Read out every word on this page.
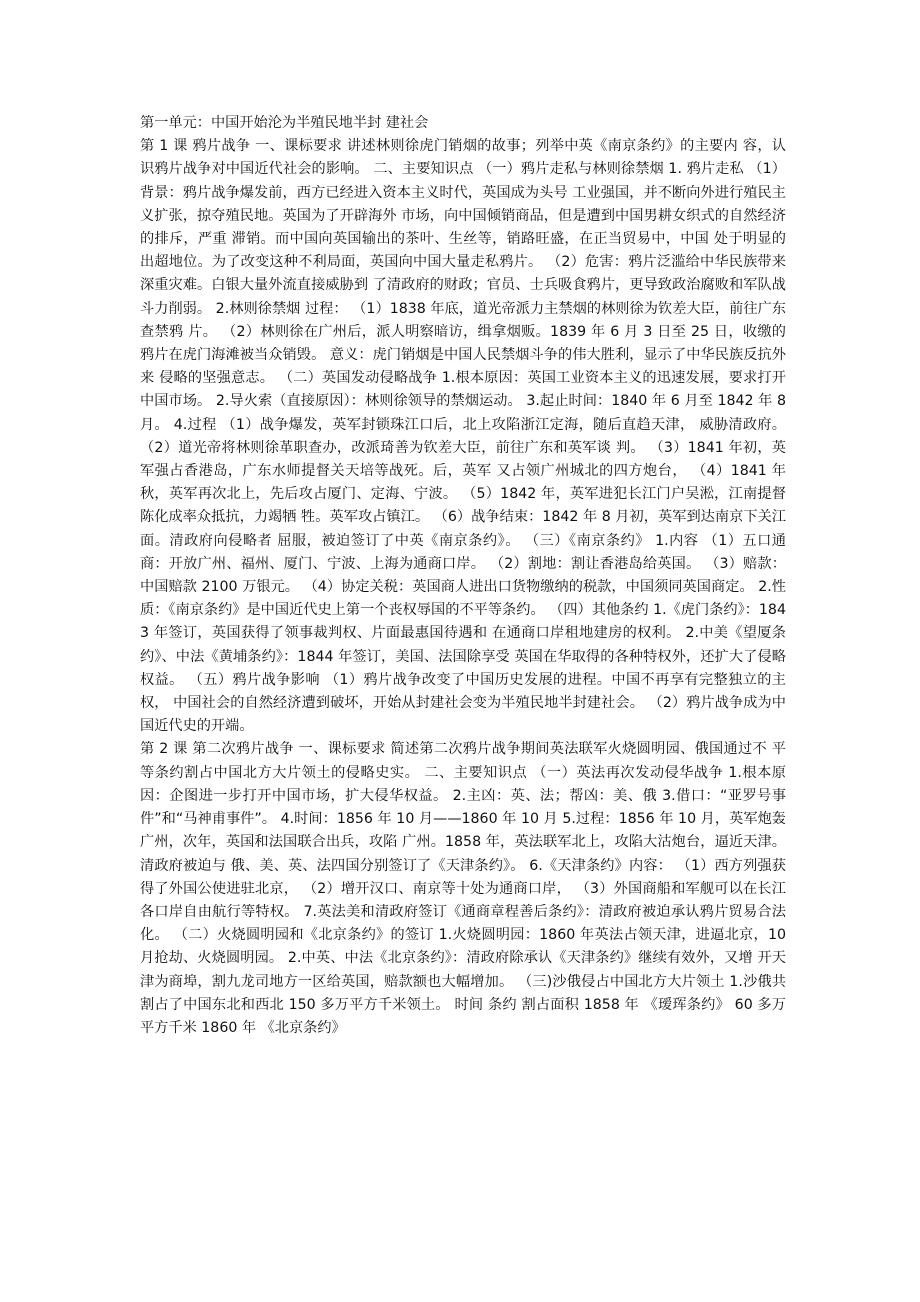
第一单元：中国开始沦为半殖民地半封 建社会

第 1 课 鸦片战争 一、课标要求 讲述林则徐虎门销烟的故事；列举中英《南京条约》的主要内 容，认识鸦片战争对中国近代社会的影响。 二、主要知识点 （一）鸦片走私与林则徐禁烟 1. 鸦片走私 （1）背景：鸦片战争爆发前，西方已经进入资本主义时代，英国成为头号 工业强国，并不断向外进行殖民主义扩张，掠夺殖民地。英国为了开辟海外 市场，向中国倾销商品，但是遭到中国男耕女织式的自然经济的排斥，严重 滞销。而中国向英国输出的茶叶、生丝等，销路旺盛，在正当贸易中，中国 处于明显的出超地位。为了改变这种不利局面，英国向中国大量走私鸦片。 （2）危害：鸦片泛滥给中华民族带来深重灾难。白银大量外流直接威胁到 了清政府的财政；官员、士兵吸食鸦片，更导致政治腐败和军队战斗力削弱。 2.林则徐禁烟 过程： （1）1838 年底，道光帝派力主禁烟的林则徐为钦差大臣，前往广东查禁鸦 片。 （2）林则徐在广州后，派人明察暗访，缉拿烟贩。1839 年 6 月 3 日至 25 日，收缴的鸦片在虎门海滩被当众销毁。 意义：虎门销烟是中国人民禁烟斗争的伟大胜利，显示了中华民族反抗外来 侵略的坚强意志。 （二）英国发动侵略战争 1.根本原因：英国工业资本主义的迅速发展，要求打开中国市场。 2.导火索（直接原因）：林则徐领导的禁烟运动。 3.起止时间：1840 年 6 月至 1842 年 8 月。 4.过程 （1）战争爆发，英军封锁珠江口后，北上攻陷浙江定海，随后直趋天津， 威胁清政府。 （2）道光帝将林则徐革职查办，改派琦善为钦差大臣，前往广东和英军谈 判。 （3）1841 年初，英军强占香港岛，广东水师提督关天培等战死。后，英军 又占领广州城北的四方炮台， （4）1841 年秋，英军再次北上，先后攻占厦门、定海、宁波。 （5）1842 年，英军进犯长江门户吴淞，江南提督陈化成率众抵抗，力竭牺 牲。英军攻占镇江。 （6）战争结束：1842 年 8 月初，英军到达南京下关江面。清政府向侵略者 屈服，被迫签订了中英《南京条约》。 （三）《南京条约》 1.内容 （1）五口通商：开放广州、福州、厦门、宁波、上海为通商口岸。 （2）割地：割让香港岛给英国。 （3）赔款：中国赔款 2100 万银元。 （4）协定关税：英国商人进出口货物缴纳的税款，中国须同英国商定。 2.性质：《南京条约》是中国近代史上第一个丧权辱国的不平等条约。 （四）其他条约 1.《虎门条约》：1843 年签订，英国获得了领事裁判权、片面最惠国待遇和 在通商口岸租地建房的权利。 2.中美《望厦条约》、中法《黄埔条约》：1844 年签订，美国、法国除享受 英国在华取得的各种特权外，还扩大了侵略权益。 （五）鸦片战争影响 （1）鸦片战争改变了中国历史发展的进程。中国不再享有完整独立的主权， 中国社会的自然经济遭到破坏，开始从封建社会变为半殖民地半封建社会。 （2）鸦片战争成为中国近代史的开端。

第 2 课 第二次鸦片战争 一、课标要求 简述第二次鸦片战争期间英法联军火烧圆明园、俄国通过不 平等条约割占中国北方大片领土的侵略史实。 二、主要知识点 （一）英法再次发动侵华战争 1.根本原因：企图进一步打开中国市场，扩大侵华权益。 2.主凶：英、法；帮凶：美、俄 3.借口：“亚罗号事件”和“马神甫事件”。 4.时间：1856 年 10 月——1860 年 10 月 5.过程：1856 年 10 月，英军炮轰广州，次年，英国和法国联合出兵，攻陷 广州。1858 年，英法联军北上，攻陷大沽炮台，逼近天津。清政府被迫与 俄、美、英、法四国分别签订了《天津条约》。 6.《天津条约》内容： （1）西方列强获得了外国公使进驻北京， （2）增开汉口、南京等十处为通商口岸， （3）外国商船和军舰可以在长江各口岸自由航行等特权。 7.英法美和清政府签订《通商章程善后条约》：清政府被迫承认鸦片贸易合法化。 （二）火烧圆明园和《北京条约》的签订 1.火烧圆明园：1860 年英法占领天津，进逼北京，10 月抢劫、火烧圆明园。 2.中英、中法《北京条约》：清政府除承认《天津条约》继续有效外，又增 开天津为商埠，割九龙司地方一区给英国，赔款额也大幅增加。 （三)沙俄侵占中国北方大片领土 1.沙俄共割占了中国东北和西北 150 多万平方千米领土。 时间 条约 割占面积 1858 年 《瑷珲条约》 60 多万平方千米 1860 年 《北京条约》
